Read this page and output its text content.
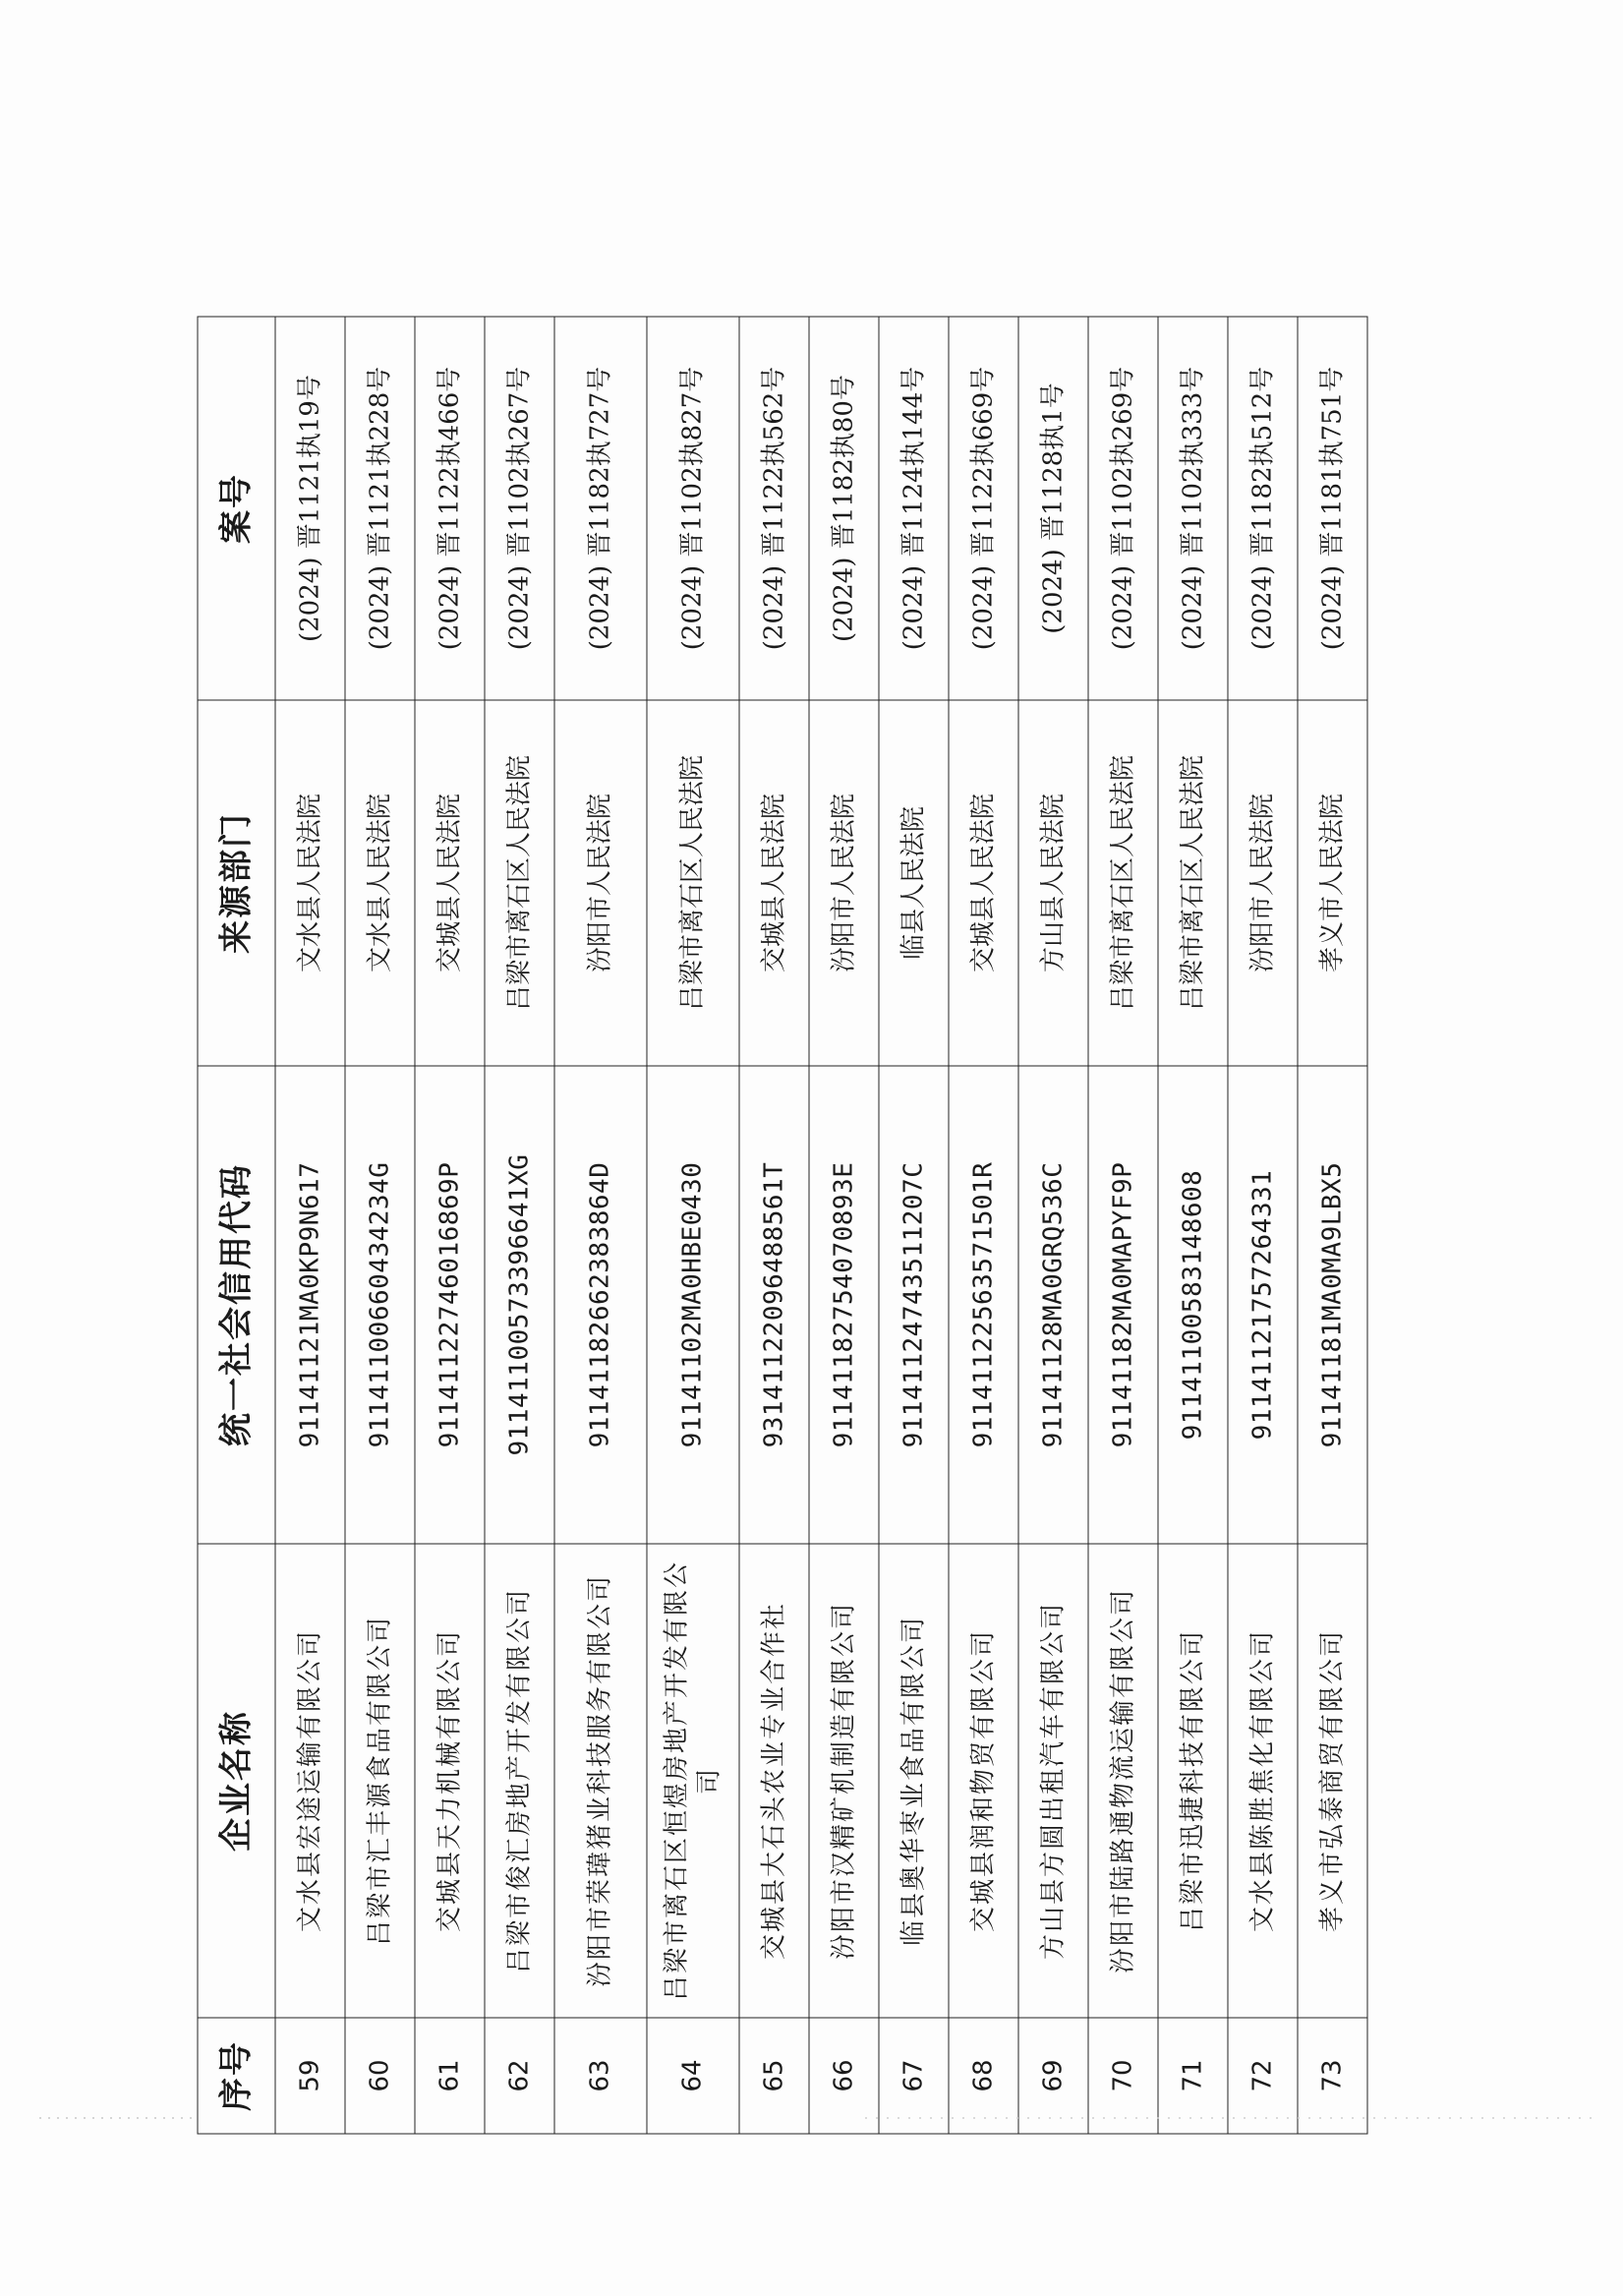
序号	企业名称	统一社会信用代码	来源部门	案号
59	文水县宏途运输有限公司	91141121MA0KP9N617	文水县人民法院	(2024) 晋1121执19号
60	吕梁市汇丰源食品有限公司	91141100660434234G	文水县人民法院	(2024) 晋1121执228号
61	交城县天力机械有限公司	91141122746016869P	交城县人民法院	(2024) 晋1122执466号
62	吕梁市俊汇房地产开发有限公司	91141100573396641XG	吕梁市离石区人民法院	(2024) 晋1102执267号
63	汾阳市荣瑋猪业科技服务有限公司	91141182662383864D	汾阳市人民法院	(2024) 晋1182执727号
64	吕梁市离石区恒煜房地产开发有限公司	91141102MA0HBE0430	吕梁市离石区人民法院	(2024) 晋1102执827号
65	交城县大石头农业专业合作社	93141122096488561T	交城县人民法院	(2024) 晋1122执562号
66	汾阳市汉精矿机制造有限公司	91141182754070893E	汾阳市人民法院	(2024) 晋1182执80号
67	临县奥华枣业食品有限公司	91141124743511207C	临县人民法院	(2024) 晋1124执144号
68	交城县润和物贸有限公司	91141122563571501R	交城县人民法院	(2024) 晋1122执669号
69	方山县方圆出租汽车有限公司	91141128MA0GRQ536C	方山县人民法院	(2024) 晋1128执1号
70	汾阳市陆路通物流运输有限公司	91141182MA0MAPYF9P	吕梁市离石区人民法院	(2024) 晋1102执269号
71	吕梁市迅捷科技有限公司	91141100583148608	吕梁市离石区人民法院	(2024) 晋1102执333号
72	文水县陈胜焦化有限公司	91141121757264331	汾阳市人民法院	(2024) 晋1182执512号
73	孝义市弘泰商贸有限公司	91141181MA0MA9LBX5	孝义市人民法院	(2024) 晋1181执751号
